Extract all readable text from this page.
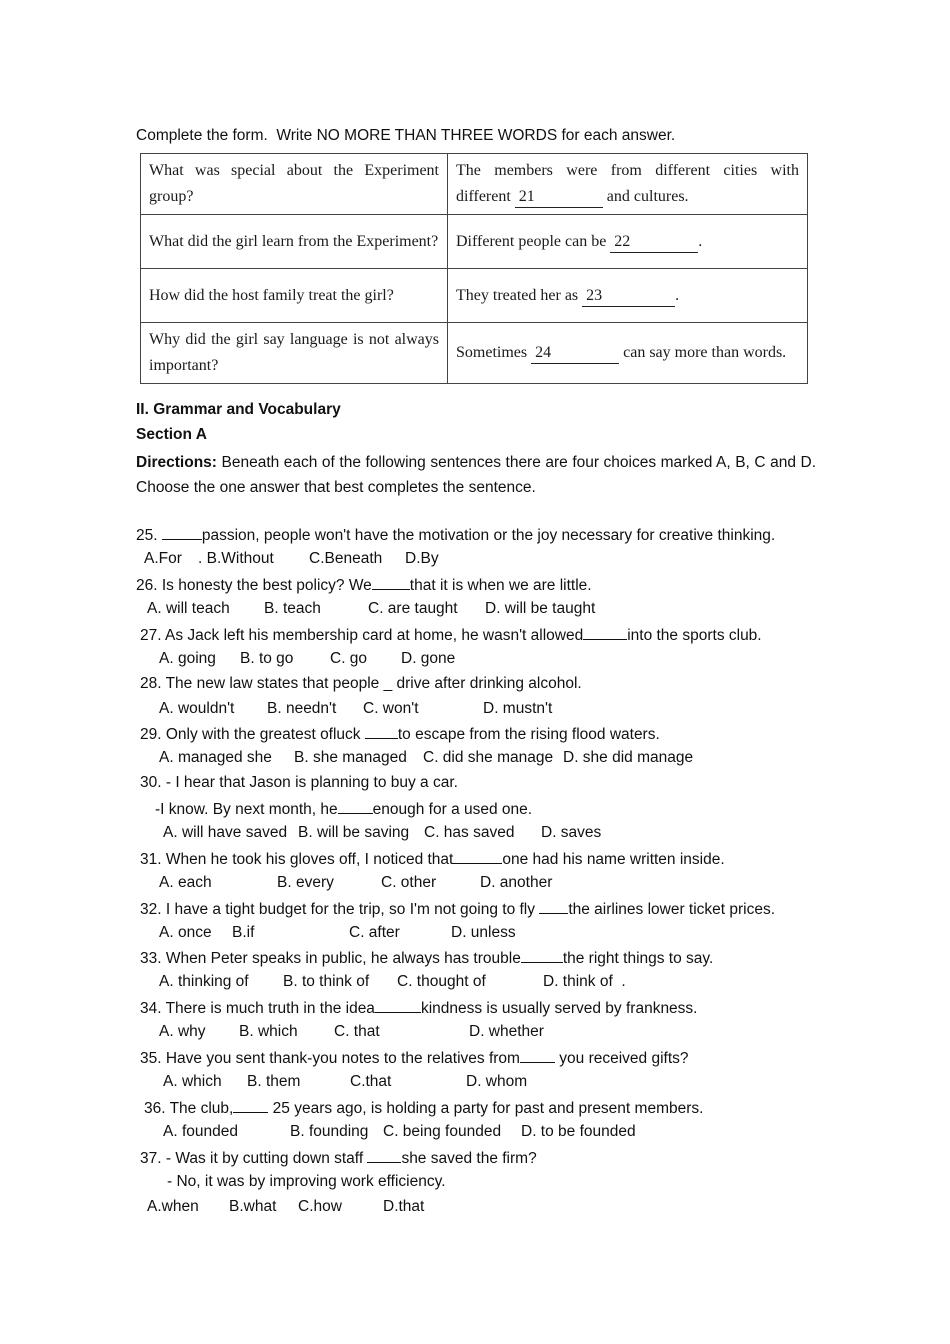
Complete the form.  Write NO MORE THAN THREE WORDS for each answer.
What was special about the Experiment group?	The members were from different cities with different 21 and cultures.
What did the girl learn from the Experiment?	Different people can be 22 .
How did the host family treat the girl?	They treated her as 23 .
Why did the girl say language is not always important?	Sometimes 24 can say more than words.
II. Grammar and Vocabulary
Section A
Directions: Beneath each of the following sentences there are four choices marked A, B, C and D. Choose the one answer that best completes the sentence.
25.	passion, people won't have the motivation or the joy necessary for creative thinking.
A.For . B.Without C.Beneath D.By
26. Is honesty the best policy? We that it is when we are little.
A. will teach B. teach	C. are taught D. will be taught
27. As Jack left his membership card at home, he wasn't allowed	into the sports club.
A. going B. to go C. go D. gone
28. The new law states that people _ drive after drinking alcohol.
A. wouldn't B. needn't C. won't	D. mustn't
29. Only with the greatest ofluck to escape from the rising flood waters.
A. managed she B. she managed C. did she manage D. she did manage
30. - I hear that Jason is planning to buy a car.
-I know. By next month, he enough for a used one.
A. will have saved B. will be saving C. has saved D. saves
31. When he took his gloves off, I noticed that	one had his name written inside.
A. each	B. every	C. other	D. another
32. I have a tight budget for the trip, so I'm not going to fly the airlines lower ticket prices.
A. once B.if	C. after	D. unless
33. When Peter speaks in public, he always has trouble	the right things to say.
A. thinking of B. to think of C. thought of	D. think of  .
34. There is much truth in the idea	kindness is usually served by frankness.
A. why B. which C. that	D. whether
35. Have you sent thank-you notes to the relatives from you received gifts?
A. which B. them	C.that	D. whom
36. The club, 25 years ago, is holding a party for past and present members.
A. founded	B. founding C. being founded D. to be founded
37. - Was it by cutting down staff she saved the firm?
- No, it was by improving work efficiency.
A.when B.what C.how	D.that
